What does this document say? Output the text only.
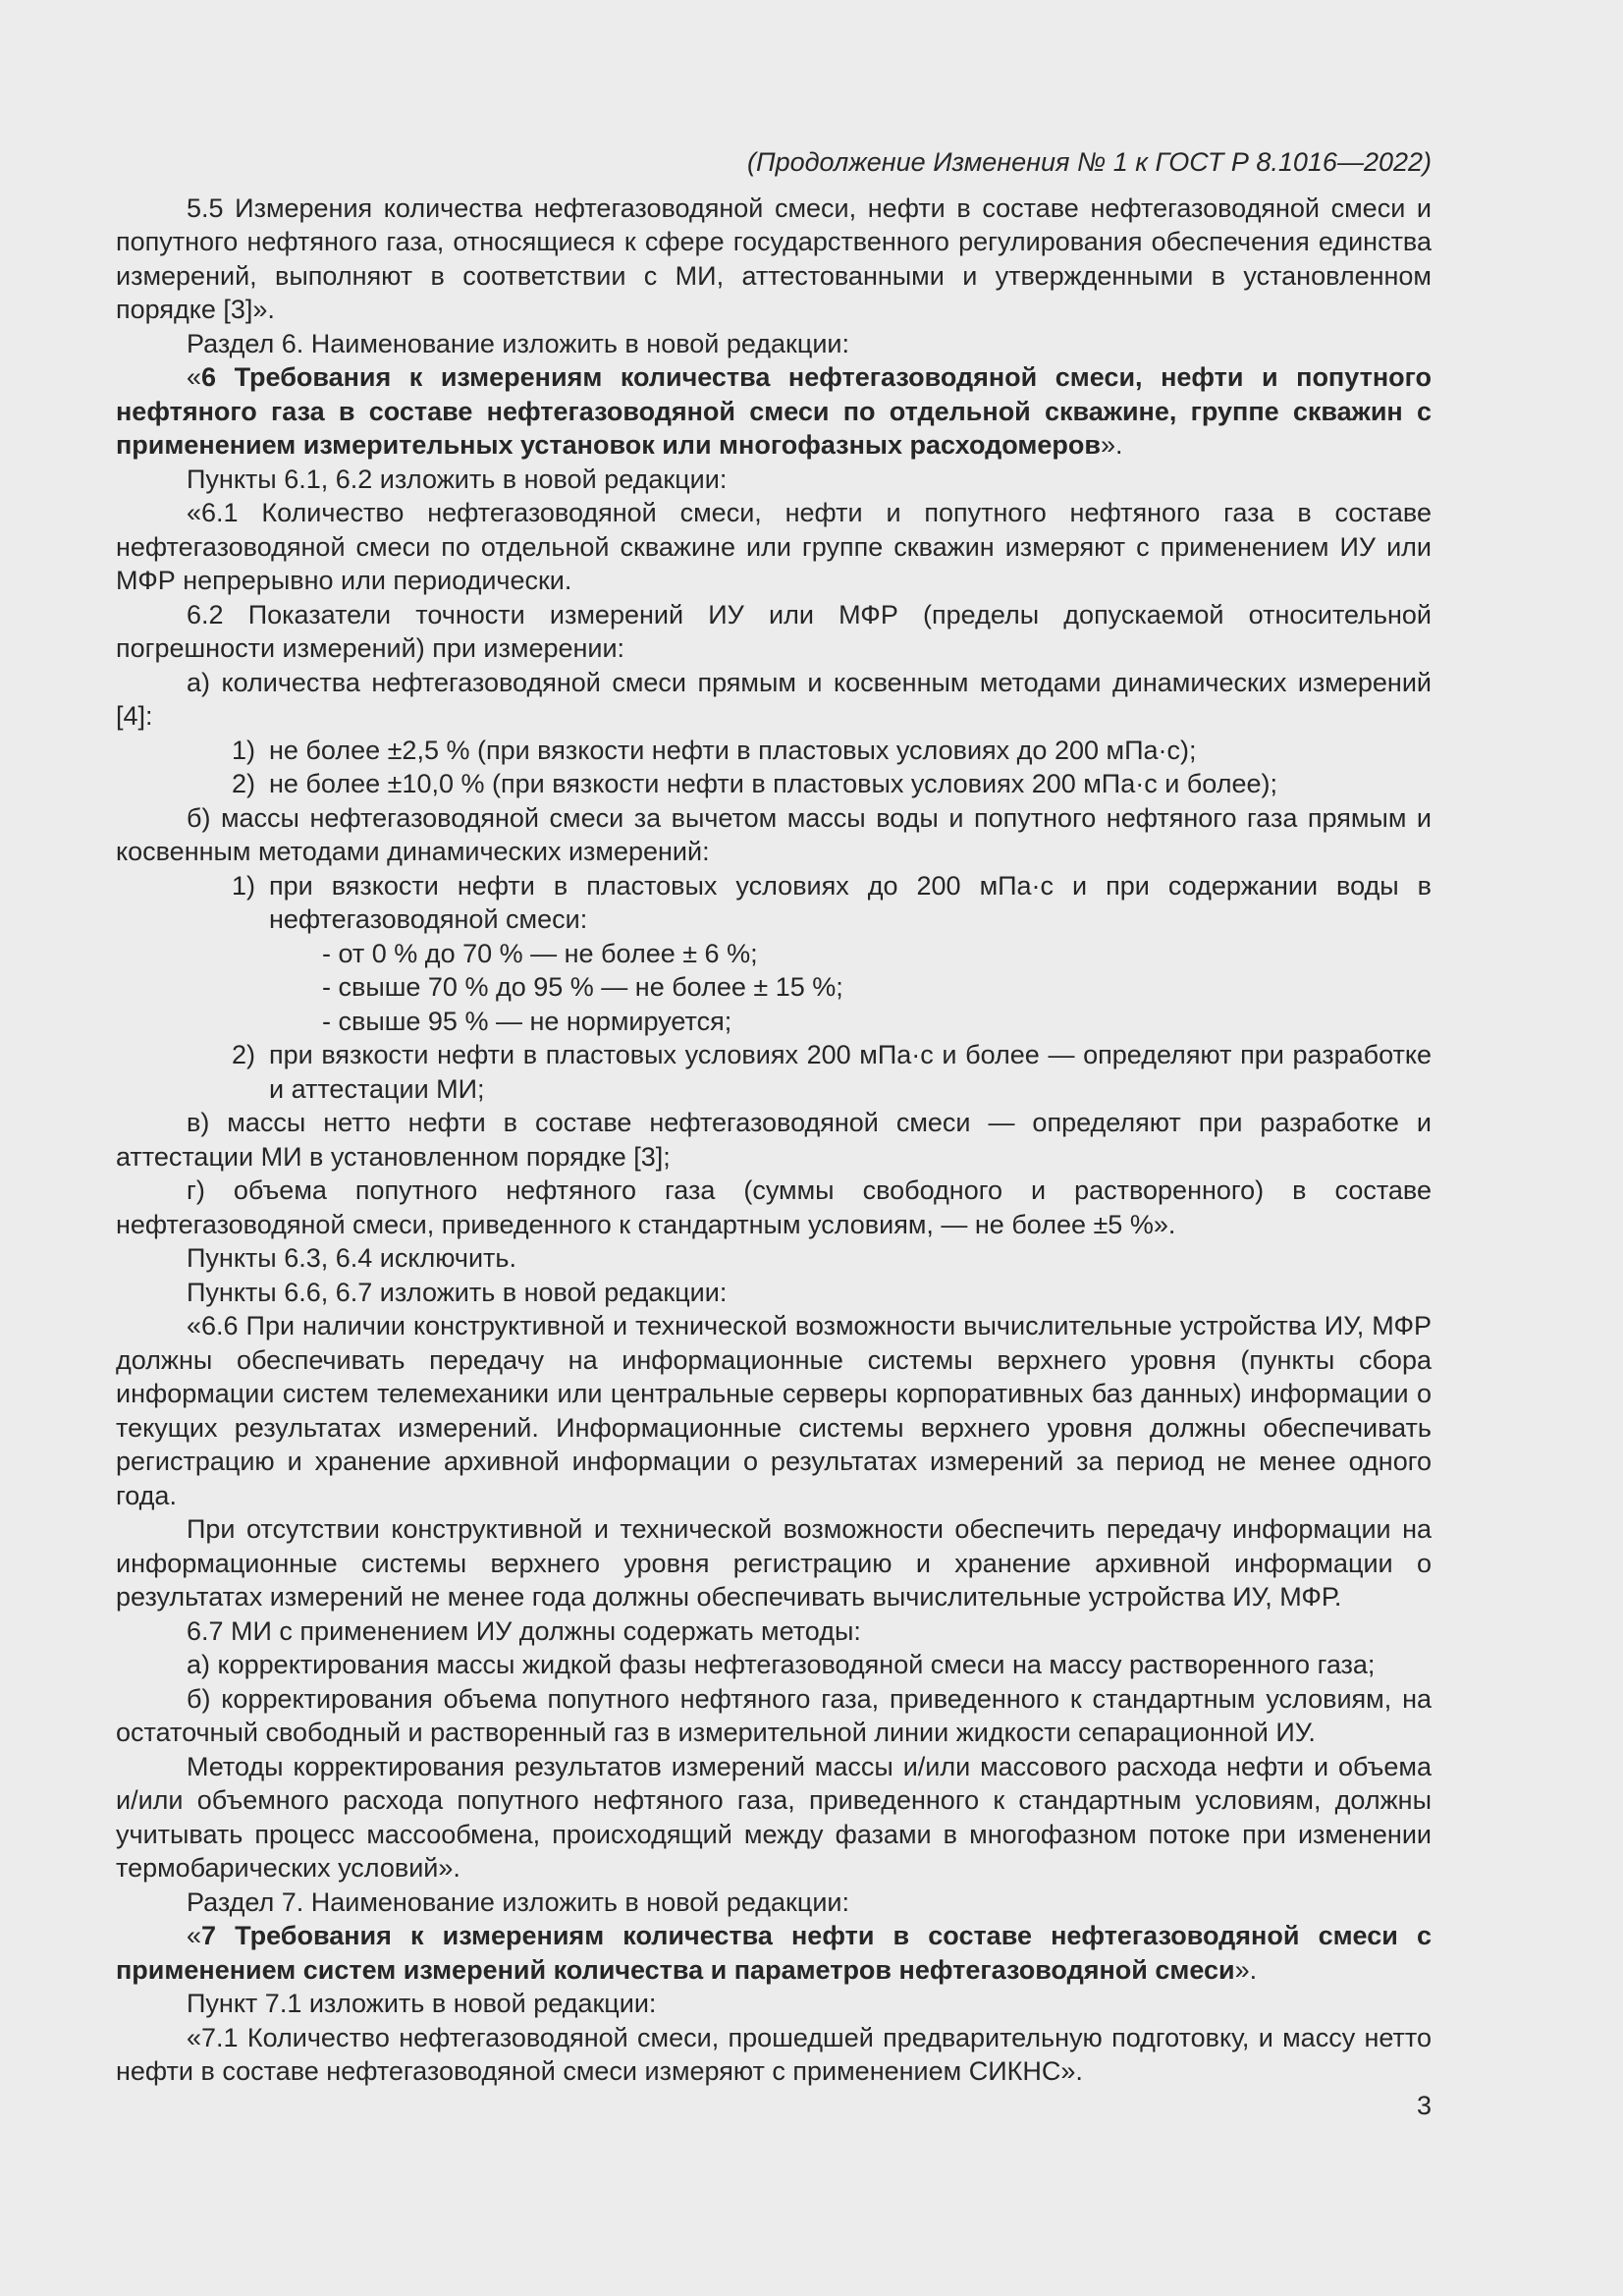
(Продолжение Изменения № 1 к ГОСТ Р 8.1016—2022)

5.5 Измерения количества нефтегазоводяной смеси, нефти в составе нефтегазоводяной смеси и попутного нефтяного газа, относящиеся к сфере государственного регулирования обеспечения единства измерений, выполняют в соответствии с МИ, аттестованными и утвержденными в установленном порядке [3]».

Раздел 6. Наименование изложить в новой редакции:

«6 Требования к измерениям количества нефтегазоводяной смеси, нефти и попутного нефтяного газа в составе нефтегазоводяной смеси по отдельной скважине, группе скважин с применением измерительных установок или многофазных расходомеров».

Пункты 6.1, 6.2 изложить в новой редакции:

«6.1 Количество нефтегазоводяной смеси, нефти и попутного нефтяного газа в составе нефтегазоводяной смеси по отдельной скважине или группе скважин измеряют с применением ИУ или МФР непрерывно или периодически.

6.2 Показатели точности измерений ИУ или МФР (пределы допускаемой относительной погрешности измерений) при измерении:

а) количества нефтегазоводяной смеси прямым и косвенным методами динамических измерений [4]:

1) не более ±2,5 % (при вязкости нефти в пластовых условиях до 200 мПа·с);
2) не более ±10,0 % (при вязкости нефти в пластовых условиях 200 мПа·с и более);

б) массы нефтегазоводяной смеси за вычетом массы воды и попутного нефтяного газа прямым и косвенным методами динамических измерений:

1) при вязкости нефти в пластовых условиях до 200 мПа·с и при содержании воды в нефтегазоводяной смеси:

- от 0 % до 70 % — не более ± 6 %;

- свыше 70 % до 95 % — не более ± 15 %;

- свыше 95 % — не нормируется;

2) при вязкости нефти в пластовых условиях 200 мПа·с и более — определяют при разработке и аттестации МИ;

в) массы нетто нефти в составе нефтегазоводяной смеси — определяют при разработке и аттестации МИ в установленном порядке [3];

г) объема попутного нефтяного газа (суммы свободного и растворенного) в составе нефтегазоводяной смеси, приведенного к стандартным условиям, — не более ±5 %».

Пункты 6.3, 6.4 исключить.

Пункты 6.6, 6.7 изложить в новой редакции:

«6.6 При наличии конструктивной и технической возможности вычислительные устройства ИУ, МФР должны обеспечивать передачу на информационные системы верхнего уровня (пункты сбора информации систем телемеханики или центральные серверы корпоративных баз данных) информации о текущих результатах измерений. Информационные системы верхнего уровня должны обеспечивать регистрацию и хранение архивной информации о результатах измерений за период не менее одного года.

При отсутствии конструктивной и технической возможности обеспечить передачу информации на информационные системы верхнего уровня регистрацию и хранение архивной информации о результатах измерений не менее года должны обеспечивать вычислительные устройства ИУ, МФР.

6.7 МИ с применением ИУ должны содержать методы:

а) корректирования массы жидкой фазы нефтегазоводяной смеси на массу растворенного газа;

б) корректирования объема попутного нефтяного газа, приведенного к стандартным условиям, на остаточный свободный и растворенный газ в измерительной линии жидкости сепарационной ИУ.

Методы корректирования результатов измерений массы и/или массового расхода нефти и объема и/или объемного расхода попутного нефтяного газа, приведенного к стандартным условиям, должны учитывать процесс массообмена, происходящий между фазами в многофазном потоке при изменении термобарических условий».

Раздел 7. Наименование изложить в новой редакции:

«7 Требования к измерениям количества нефти в составе нефтегазоводяной смеси с применением систем измерений количества и параметров нефтегазоводяной смеси».

Пункт 7.1 изложить в новой редакции:

«7.1 Количество нефтегазоводяной смеси, прошедшей предварительную подготовку, и массу нетто нефти в составе нефтегазоводяной смеси измеряют с применением СИКНС».

3
